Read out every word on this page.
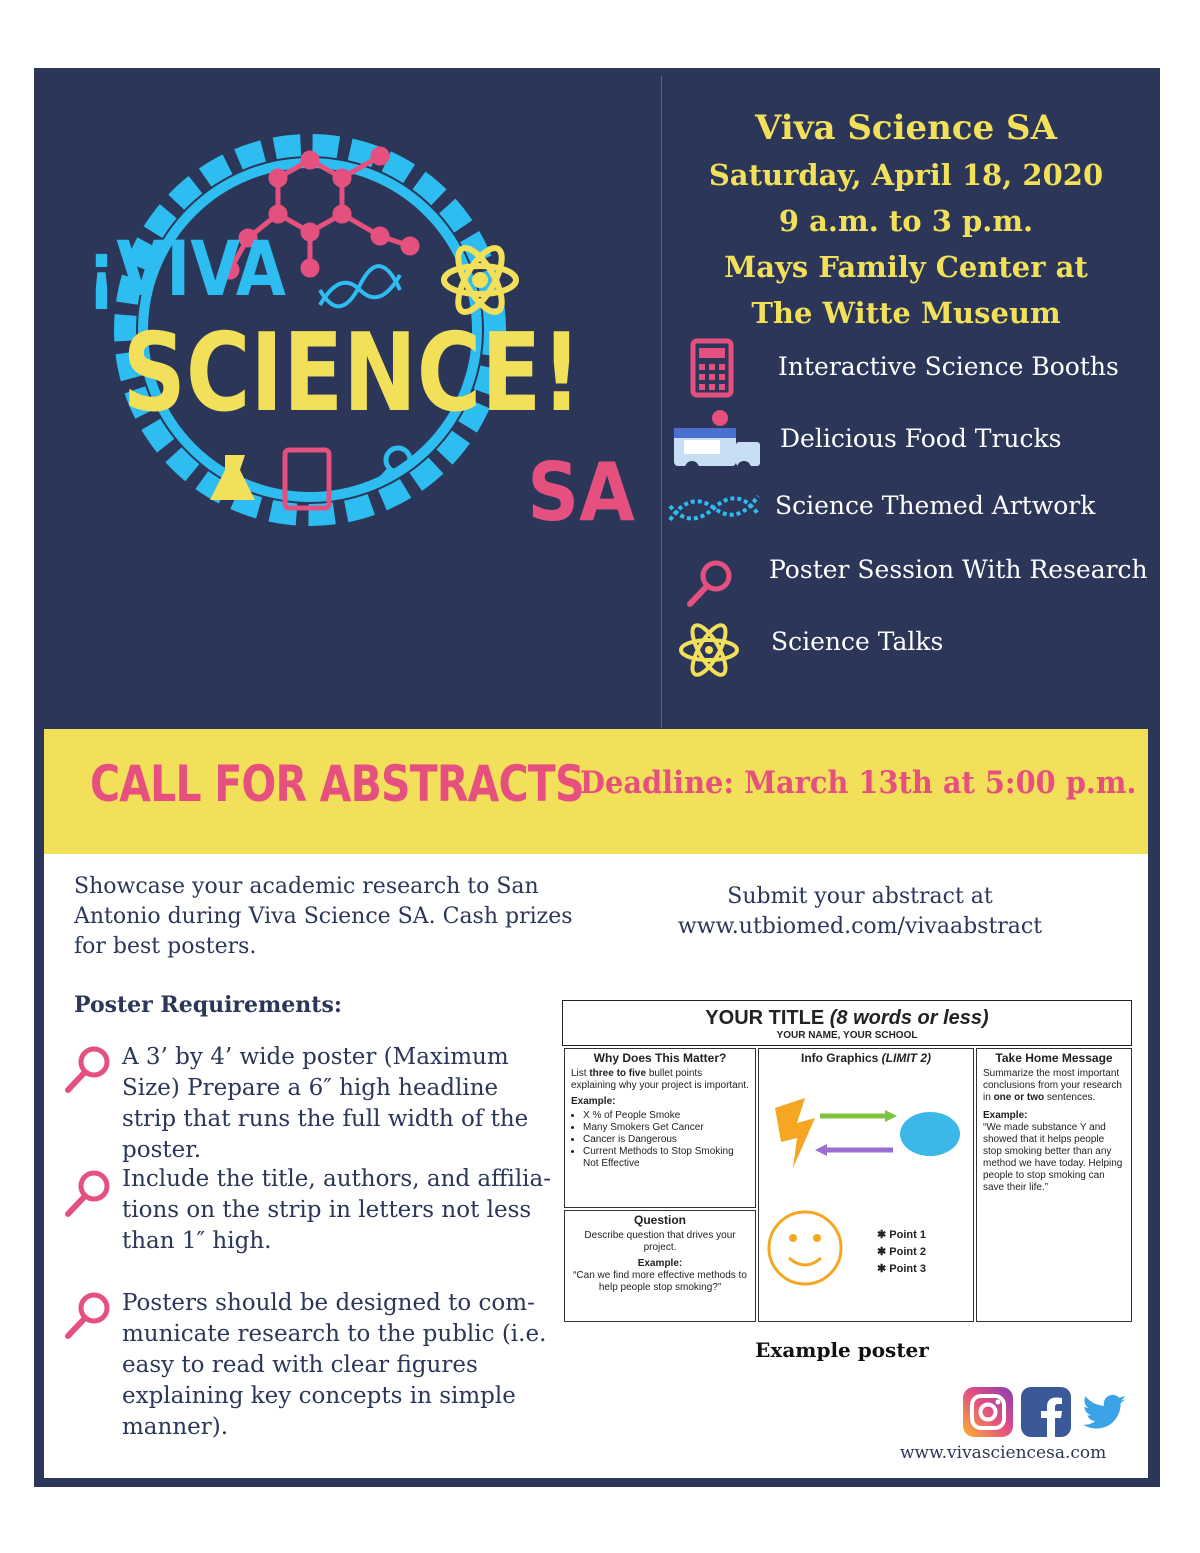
¡VIVA
SCIENCE!
SA
Viva Science SA
Saturday, April 18, 2020
9 a.m. to 3 p.m.
Mays Family Center at
The Witte Museum
Interactive Science Booths
Delicious Food Trucks
Science Themed Artwork
Poster Session With Research
Science Talks
CALL FOR ABSTRACTS
Deadline: March 13th at 5:00 p.m.
Showcase your academic research to San Antonio during Viva Science SA. Cash prizes for best posters.
Submit your abstract at
www.utbiomed.com/vivaabstract
Poster Requirements:
A 3’ by 4’ wide poster (Maximum Size) Prepare a 6″ high headline strip that runs the full width of the poster.
Include the title, authors, and affilia-tions on the strip in letters not less than 1″ high.
Posters should be designed to com-municate research to the public (i.e. easy to read with clear figures explaining key concepts in simple manner).
YOUR TITLE (8 words or less)
YOUR NAME, YOUR SCHOOL
Why Does This Matter?
List three to five bullet points explaining why your project is important.
Example:
• X % of People Smoke
• Many Smokers Get Cancer
• Cancer is Dangerous
• Current Methods to Stop Smoking Not Effective
Question
Describe question that drives your project.
Example:
“Can we find more effective methods to help people stop smoking?”
Info Graphics (LIMIT 2)
✱ Point 1
✱ Point 2
✱ Point 3
Take Home Message
Summarize the most important conclusions from your research in one or two sentences.
Example:
“We made substance Y and showed that it helps people stop smoking better than any method we have today. Helping people to stop smoking can save their life.”
Example poster
www.vivasciencesa.com
